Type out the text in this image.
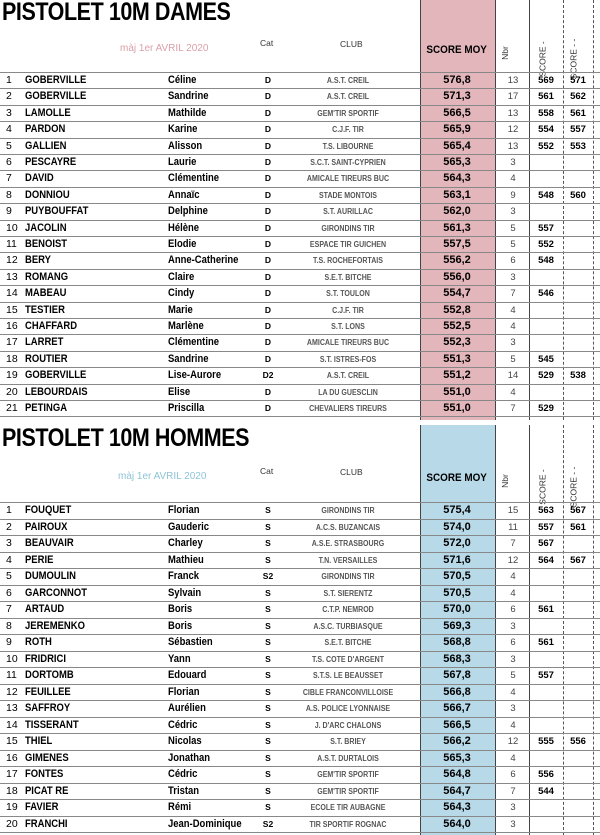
PISTOLET 10M DAMES
màj 1er AVRIL 2020	Cat	CLUB	SCORE MOY Nbr	SCORE - SCORE - -
1 GOBERVILLE	Céline	D	A.S.T. CREIL	576,8	13	569	571
2 GOBERVILLE	Sandrine	D	A.S.T. CREIL	571,3	17	561	562
3 LAMOLLE	Mathilde	D	GEM'TIR SPORTIF	566,5	13	558	561
4 PARDON	Karine	D	C.J.F. TIR	565,9	12	554	557
5 GALLIEN	Alisson	D	T.S. LIBOURNE	565,4	13	552	553
6 PESCAYRE	Laurie	D	S.C.T. SAINT-CYPRIEN	565,3	3
7 DAVID	Clémentine	D	AMICALE TIREURS BUC	564,3	4
8 DONNIOU	Annaïc	D	STADE MONTOIS	563,1	9	548	560
9 PUYBOUFFAT	Delphine	D	S.T. AURILLAC	562,0	3
10 JACOLIN	Hélène	D	GIRONDINS TIR	561,3	5	557
11 BENOIST	Elodie	D	ESPACE TIR GUICHEN	557,5	5	552
12 BERY	Anne-Catherine	D	T.S. ROCHEFORTAIS	556,2	6	548
13 ROMANG	Claire	D	S.E.T. BITCHE	556,0	3
14 MABEAU	Cindy	D	S.T. TOULON	554,7	7	546
15 TESTIER	Marie	D	C.J.F. TIR	552,8	4
16 CHAFFARD	Marlène	D	S.T. LONS	552,5	4
17 LARRET	Clémentine	D	AMICALE TIREURS BUC	552,3	3
18 ROUTIER	Sandrine	D	S.T. ISTRES-FOS	551,3	5	545
19 GOBERVILLE	Lise-Aurore	D2	A.S.T. CREIL	551,2	14	529	538
20 LEBOURDAIS	Elise	D	LA DU GUESCLIN	551,0	4
21 PETINGA	Priscilla	D	CHEVALIERS TIREURS	551,0	7	529
PISTOLET 10M HOMMES
màj 1er AVRIL 2020	Cat	CLUB	SCORE MOY Nbr	SCORE - SCORE - -
1 FOUQUET	Florian	S	GIRONDINS TIR	575,4	15	563	567
2 PAIROUX	Gauderic	S	A.C.S. BUZANCAIS	574,0	11	557	561
3 BEAUVAIR	Charley	S	A.S.E. STRASBOURG	572,0	7	567
4 PERIE	Mathieu	S	T.N. VERSAILLES	571,6	12	564	567
5 DUMOULIN	Franck	S2	GIRONDINS TIR	570,5	4
6 GARCONNOT	Sylvain	S	S.T. SIERENTZ	570,5	4
7 ARTAUD	Boris	S	C.T.P. NEMROD	570,0	6	561
8 JEREMENKO	Boris	S	A.S.C. TURBIASQUE	569,3	3
9 ROTH	Sébastien	S	S.E.T. BITCHE	568,8	6	561
10 FRIDRICI	Yann	S	T.S. COTE D'ARGENT	568,3	3
11 DORTOMB	Edouard	S	S.T.S. LE BEAUSSET	567,8	5	557
12 FEUILLEE	Florian	S	CIBLE FRANCONVILLOISE	566,8	4
13 SAFFROY	Aurélien	S	A.S. POLICE LYONNAISE	566,7	3
14 TISSERANT	Cédric	S	J. D'ARC CHALONS	566,5	4
15 THIEL	Nicolas	S	S.T. BRIEY	566,2	12	555	556
16 GIMENES	Jonathan	S	A.S.T. DURTALOIS	565,3	4
17 FONTES	Cédric	S	GEM'TIR SPORTIF	564,8	6	556
18 PICAT RE	Tristan	S	GEM'TIR SPORTIF	564,7	7	544
19 FAVIER	Rémi	S	ECOLE TIR AUBAGNE	564,3	3
20 FRANCHI	Jean-Dominique	S2	TIR SPORTIF ROGNAC	564,0	3
